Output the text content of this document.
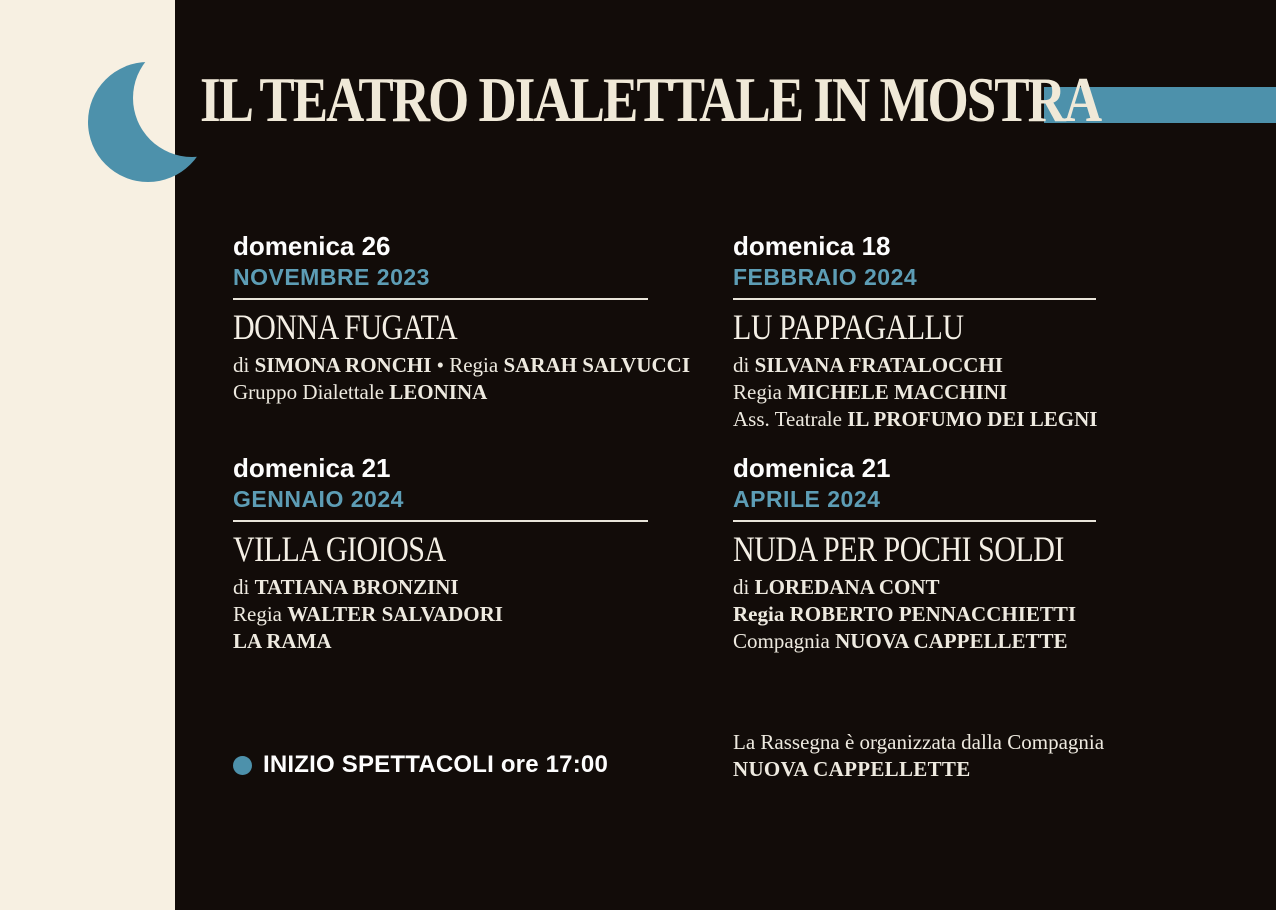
IL TEATRO DIALETTALE IN MOSTRA
domenica 26
NOVEMBRE 2023
DONNA FUGATA
di SIMONA RONCHI • Regia SARAH SALVUCCI
Gruppo Dialettale LEONINA
domenica 18
FEBBRAIO 2024
LU PAPPAGALLU
di SILVANA FRATALOCCHI
Regia MICHELE MACCHINI
Ass. Teatrale IL PROFUMO DEI LEGNI
domenica 21
GENNAIO 2024
VILLA GIOIOSA
di TATIANA BRONZINI
Regia WALTER SALVADORI
LA RAMA
domenica 21
APRILE 2024
NUDA PER POCHI SOLDI
di LOREDANA CONT
Regia ROBERTO PENNACCHIETTI
Compagnia NUOVA CAPPELLETTE
INIZIO SPETTACOLI ore 17:00
La Rassegna è organizzata dalla Compagnia
NUOVA CAPPELLETTE
